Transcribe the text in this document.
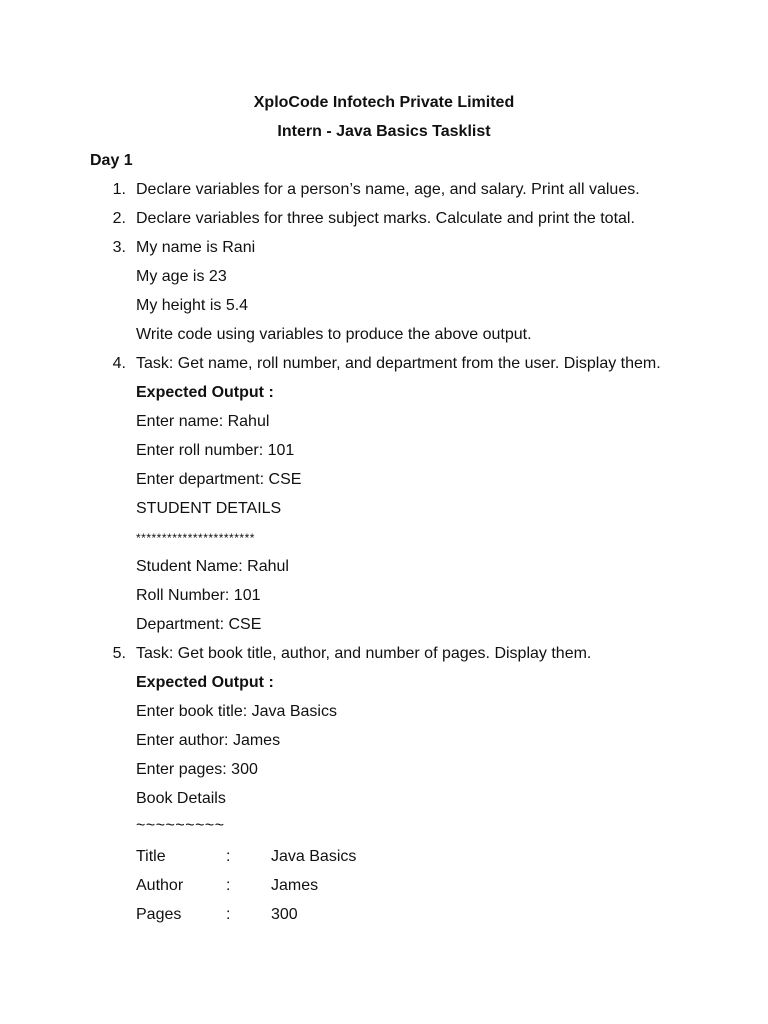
XploCode Infotech Private Limited
Intern - Java Basics Tasklist
Day 1
1. Declare variables for a person’s name, age, and salary. Print all values.
2. Declare variables for three subject marks. Calculate and print the total.
3. My name is Rani
My age is 23
My height is 5.4
Write code using variables to produce the above output.
4. Task: Get name, roll number, and department from the user. Display them.
Expected Output :
Enter name: Rahul
Enter roll number: 101
Enter department: CSE
STUDENT DETAILS
***********************
Student Name: Rahul
Roll Number: 101
Department: CSE
5. Task: Get book title, author, and number of pages. Display them.
Expected Output :
Enter book title: Java Basics
Enter author: James
Enter pages: 300
Book Details
~~~~~~~~~
Title	:	Java Basics
Author	:	James
Pages	:	300
